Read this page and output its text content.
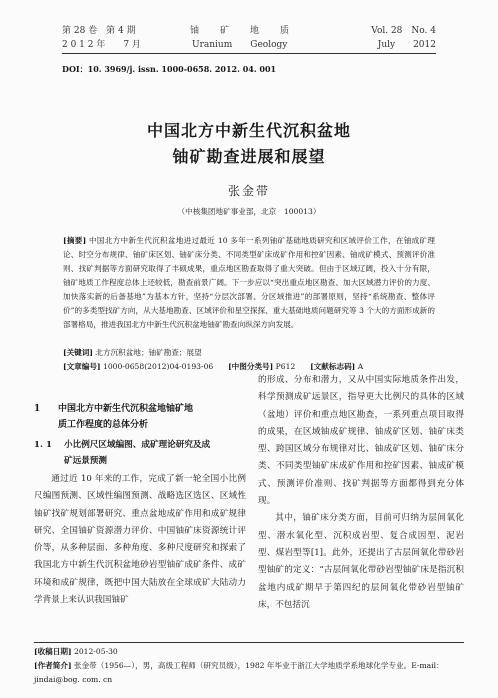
第 28 卷　第 4 期
2 0 1 2 年　　7 月
铀　　矿　　地　　质
Uranium　　Geology
Vol. 28　No. 4
July　　2012
DOI：10. 3969/j. issn. 1000-0658. 2012. 04. 001
中国北方中新生代沉积盆地
铀矿勘查进展和展望
张金带
（中核集团地矿事业部，北京　100013）
[摘要] 中国北方中新生代沉积盆地进过最近 10 多年一系列铀矿基础地质研究和区域评价工作，在铀成矿理论、时空分布规律、铀矿床区划、铀矿床分类、不同类型矿床成矿作用和控矿因素、铀成矿模式、预测评价准则、找矿判据等方面研究取得了丰硕成果，重点地区勘查取得了重大突破。但由于区域辽阔，投入十分有限，铀矿地质工作程度总体上还较低，勘查前景广阔。下一步应以“突出重点地区勘查、加大区域潜力评价的力度、加快落实新的后备基地”为基本方针，坚持“分层次部署、分区域推进”的部署原则，坚持“系统勘查、整体评价”的多类型找矿方向，从大基地勘查、区域评价和星空探探、重大基础地质问题研究等 3 个大的方面形成新的部署格局，推进我国北方中新生代沉积盆地铀矿勘查向纵深方向发展。
[关键词] 北方沉积盆地；铀矿勘查；展望
[文章编号] 1000-0658(2012)04-0193-06 [中图分类号] P612 [文献标志码] A
1	中国北方中新生代沉积盆地铀矿地
质工作程度的总体分析
1. 1	小比例尺区域编图、成矿理论研究及成
矿远景预测

通过近 10 年来的工作，完成了新一轮全国小比例尺编图预测、区域性编图预测、战略选区选区、区域性铀矿找矿规划部署研究、重点盆地成矿作用和成矿规律研究、全国铀矿资源潜力评价、中国铀矿床资源统计评价等，从多种层面、多种角度、多种尺度研究和探索了我国北方中新生代沉积盆地砂岩型铀矿成矿条件、成矿环境和成矿规律，既把中国大陆放在全球成矿大陆动力学背景上来认识我国铀矿

的形成、分布和潜力，又从中国实际地质条件出发，科学预测成矿远景区，指导更大比例尺的具体的区域（盆地）评价和重点地区勘查，一系列重点项目取得的成果，在区域铀成矿规律、铀成矿区划、铀矿床类型、跨国区域分布规律对比、铀成矿区划、铀矿床分类、不同类型铀矿床成矿作用和控矿因素、铀成矿模式、预测评价准则、找矿判据等方面都得到充分体现。

其中，铀矿床分类方面，目前可归纳为层间氧化型、潜水氧化型、沉积成岩型、复合成因型、泥岩型、煤岩型等[1]。此外，还提出了古层间氧化带砂岩型铀矿的定义：“古层间氧化带砂岩型铀矿床是指沉积盆地内成矿期早于第四纪的层间氧化带砂岩型铀矿床，不包括沉

[收稿日期] 2012-05-30
[作者简介] 张金带（1956—），男，高级工程师（研究员级），1982 年毕业于浙江大学地质学系地球化学专业。E-mail：jindai@bog. com. cn
